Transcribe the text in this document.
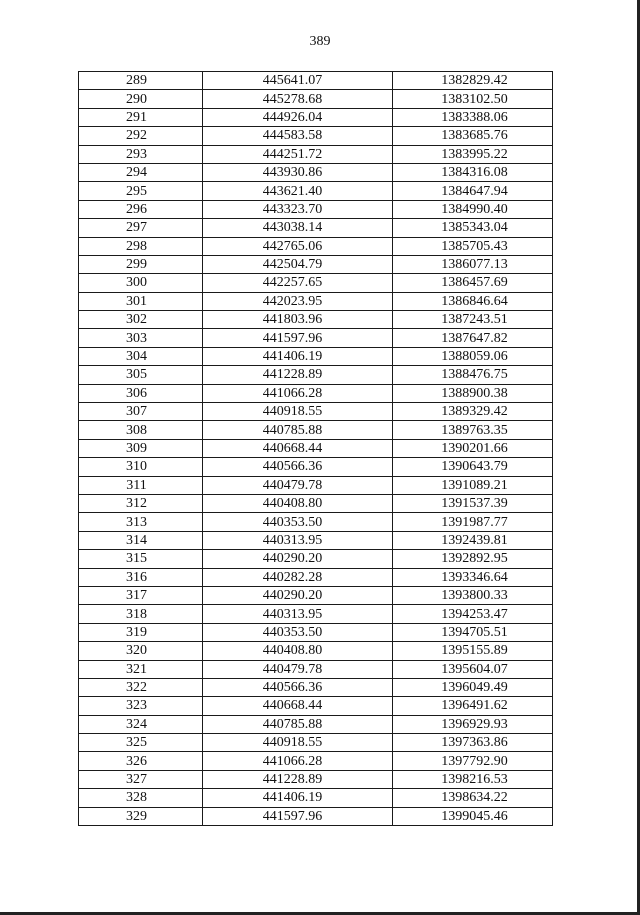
389
289	445641.07	1382829.42
290	445278.68	1383102.50
291	444926.04	1383388.06
292	444583.58	1383685.76
293	444251.72	1383995.22
294	443930.86	1384316.08
295	443621.40	1384647.94
296	443323.70	1384990.40
297	443038.14	1385343.04
298	442765.06	1385705.43
299	442504.79	1386077.13
300	442257.65	1386457.69
301	442023.95	1386846.64
302	441803.96	1387243.51
303	441597.96	1387647.82
304	441406.19	1388059.06
305	441228.89	1388476.75
306	441066.28	1388900.38
307	440918.55	1389329.42
308	440785.88	1389763.35
309	440668.44	1390201.66
310	440566.36	1390643.79
311	440479.78	1391089.21
312	440408.80	1391537.39
313	440353.50	1391987.77
314	440313.95	1392439.81
315	440290.20	1392892.95
316	440282.28	1393346.64
317	440290.20	1393800.33
318	440313.95	1394253.47
319	440353.50	1394705.51
320	440408.80	1395155.89
321	440479.78	1395604.07
322	440566.36	1396049.49
323	440668.44	1396491.62
324	440785.88	1396929.93
325	440918.55	1397363.86
326	441066.28	1397792.90
327	441228.89	1398216.53
328	441406.19	1398634.22
329	441597.96	1399045.46
